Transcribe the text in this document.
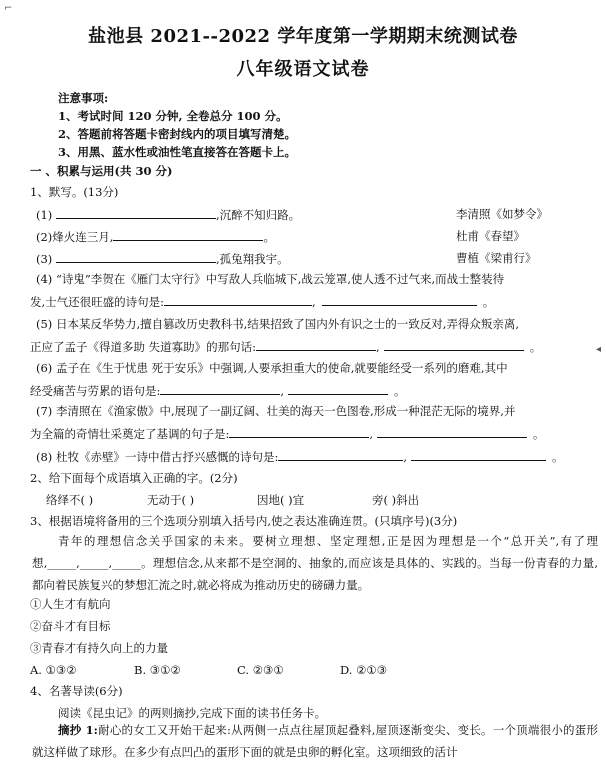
盐池县 2021--2022 学年度第一学期期末统测试卷
八年级语文试卷
注意事项:
1、考试时间 120 分钟, 全卷总分 100 分。
2、答题前将答题卡密封线内的项目填写清楚。
3、用黑、蓝水性或油性笔直接答在答题卡上。
一 、积累与运用(共 30 分)
1、默写。(13分)
(1)	,沉醉不知归路。	李清照《如梦令》
(2)烽火连三月,	。	杜甫《春望》
(3)	,孤兔翔我宇。	曹植《梁甫行》
(4) “诗鬼”李贺在《雁门太守行》中写敌人兵临城下,战云笼罩,使人透不过气来,而战士整装待
发,士气还很旺盛的诗句是:	,	。
(5) 日本某反华势力,擅自篡改历史教科书,结果招致了国内外有识之士的一致反对,弄得众叛亲离,
正应了孟子《得道多助 失道寡助》的那句话:	,	。
(6) 孟子在《生于忧患 死于安乐》中强调,人要承担重大的使命,就要能经受一系列的磨难,其中
经受痛苦与劳累的语句是:	,	。
(7) 李清照在《渔家傲》中,展现了一副辽阔、壮美的海天一色图卷,形成一种混茫无际的境界,并
为全篇的奇情壮采奠定了基调的句子是:	,	。
(8) 杜牧《赤壁》一诗中借古抒兴感慨的诗句是:	,	。
2、给下面每个成语填入正确的字。(2分)
络绎不( )	无动于( )	因地( )宜	旁( )斜出
3、根据语境将备用的三个选项分别填入括号内,使之表达准确连贯。(只填序号)(3分)
青年的理想信念关乎国家的未来。要树立理想、坚定理想,正是因为理想是一个“总开关”,有了理想,_____,_____,_____。理想信念,从来都不是空洞的、抽象的,而应该是具体的、实践的。当每一份青春的力量,都向着民族复兴的梦想汇流之时,就必将成为推动历史的磅礴力量。
①人生才有航向
②奋斗才有目标
③青春才有持久向上的力量
A. ①③②	B. ③①②	C. ②③①	D. ②①③
4、名著导读(6分)
阅读《昆虫记》的两则摘抄,完成下面的读书任务卡。
摘抄 1:耐心的女工又开始干起来:从两侧一点点往屋顶起叠料,屋顶逐渐变尖、变长。一个顶端很小的蛋形就这样做了球形。在多少有点凹凸的蛋形下面的就是虫卵的孵化室。这项细致的活计
⌐
◂
